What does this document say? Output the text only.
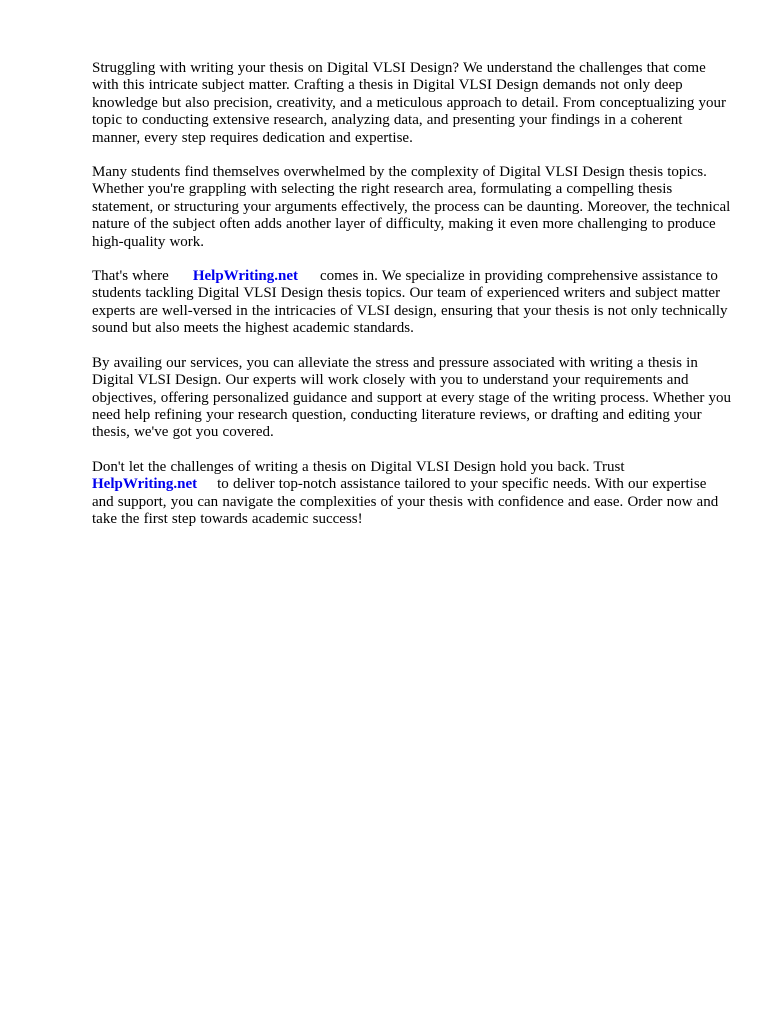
Struggling with writing your thesis on Digital VLSI Design? We understand the challenges that come with this intricate subject matter. Crafting a thesis in Digital VLSI Design demands not only deep knowledge but also precision, creativity, and a meticulous approach to detail. From conceptualizing your topic to conducting extensive research, analyzing data, and presenting your findings in a coherent manner, every step requires dedication and expertise.

Many students find themselves overwhelmed by the complexity of Digital VLSI Design thesis topics. Whether you're grappling with selecting the right research area, formulating a compelling thesis statement, or structuring your arguments effectively, the process can be daunting. Moreover, the technical nature of the subject often adds another layer of difficulty, making it even more challenging to produce high-quality work.

That's where HelpWriting.net comes in. We specialize in providing comprehensive assistance to students tackling Digital VLSI Design thesis topics. Our team of experienced writers and subject matter experts are well-versed in the intricacies of VLSI design, ensuring that your thesis is not only technically sound but also meets the highest academic standards.

By availing our services, you can alleviate the stress and pressure associated with writing a thesis in Digital VLSI Design. Our experts will work closely with you to understand your requirements and objectives, offering personalized guidance and support at every stage of the writing process. Whether you need help refining your research question, conducting literature reviews, or drafting and editing your thesis, we've got you covered.

Don't let the challenges of writing a thesis on Digital VLSI Design hold you back. Trust
HelpWriting.net to deliver top-notch assistance tailored to your specific needs. With our expertise and support, you can navigate the complexities of your thesis with confidence and ease. Order now and take the first step towards academic success!
